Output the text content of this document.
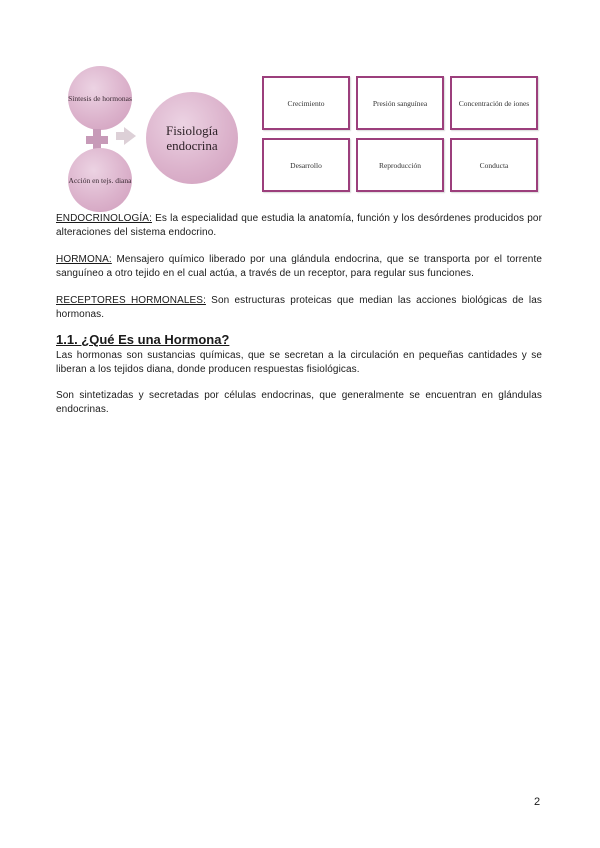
Síntesis de hormonas
Acción en tejs. diana
Fisiología endocrina
Crecimiento	Presión sanguínea	Concentración de iones
Desarrollo	Reproducción	Conducta

ENDOCRINOLOGÍA: Es la especialidad que estudia la anatomía, función y los desórdenes producidos por alteraciones del sistema endocrino.

HORMONA: Mensajero químico liberado por una glándula endocrina, que se transporta por el torrente sanguíneo a otro tejido en el cual actúa, a través de un receptor, para regular sus funciones.

RECEPTORES HORMONALES: Son estructuras proteicas que median las acciones biológicas de las hormonas.

1.1. ¿Qué Es una Hormona?

Las hormonas son sustancias químicas, que se secretan a la circulación en pequeñas cantidades y se liberan a los tejidos diana, donde producen respuestas fisiológicas.

Son sintetizadas y secretadas por células endocrinas, que generalmente se encuentran en glándulas endocrinas.

2
